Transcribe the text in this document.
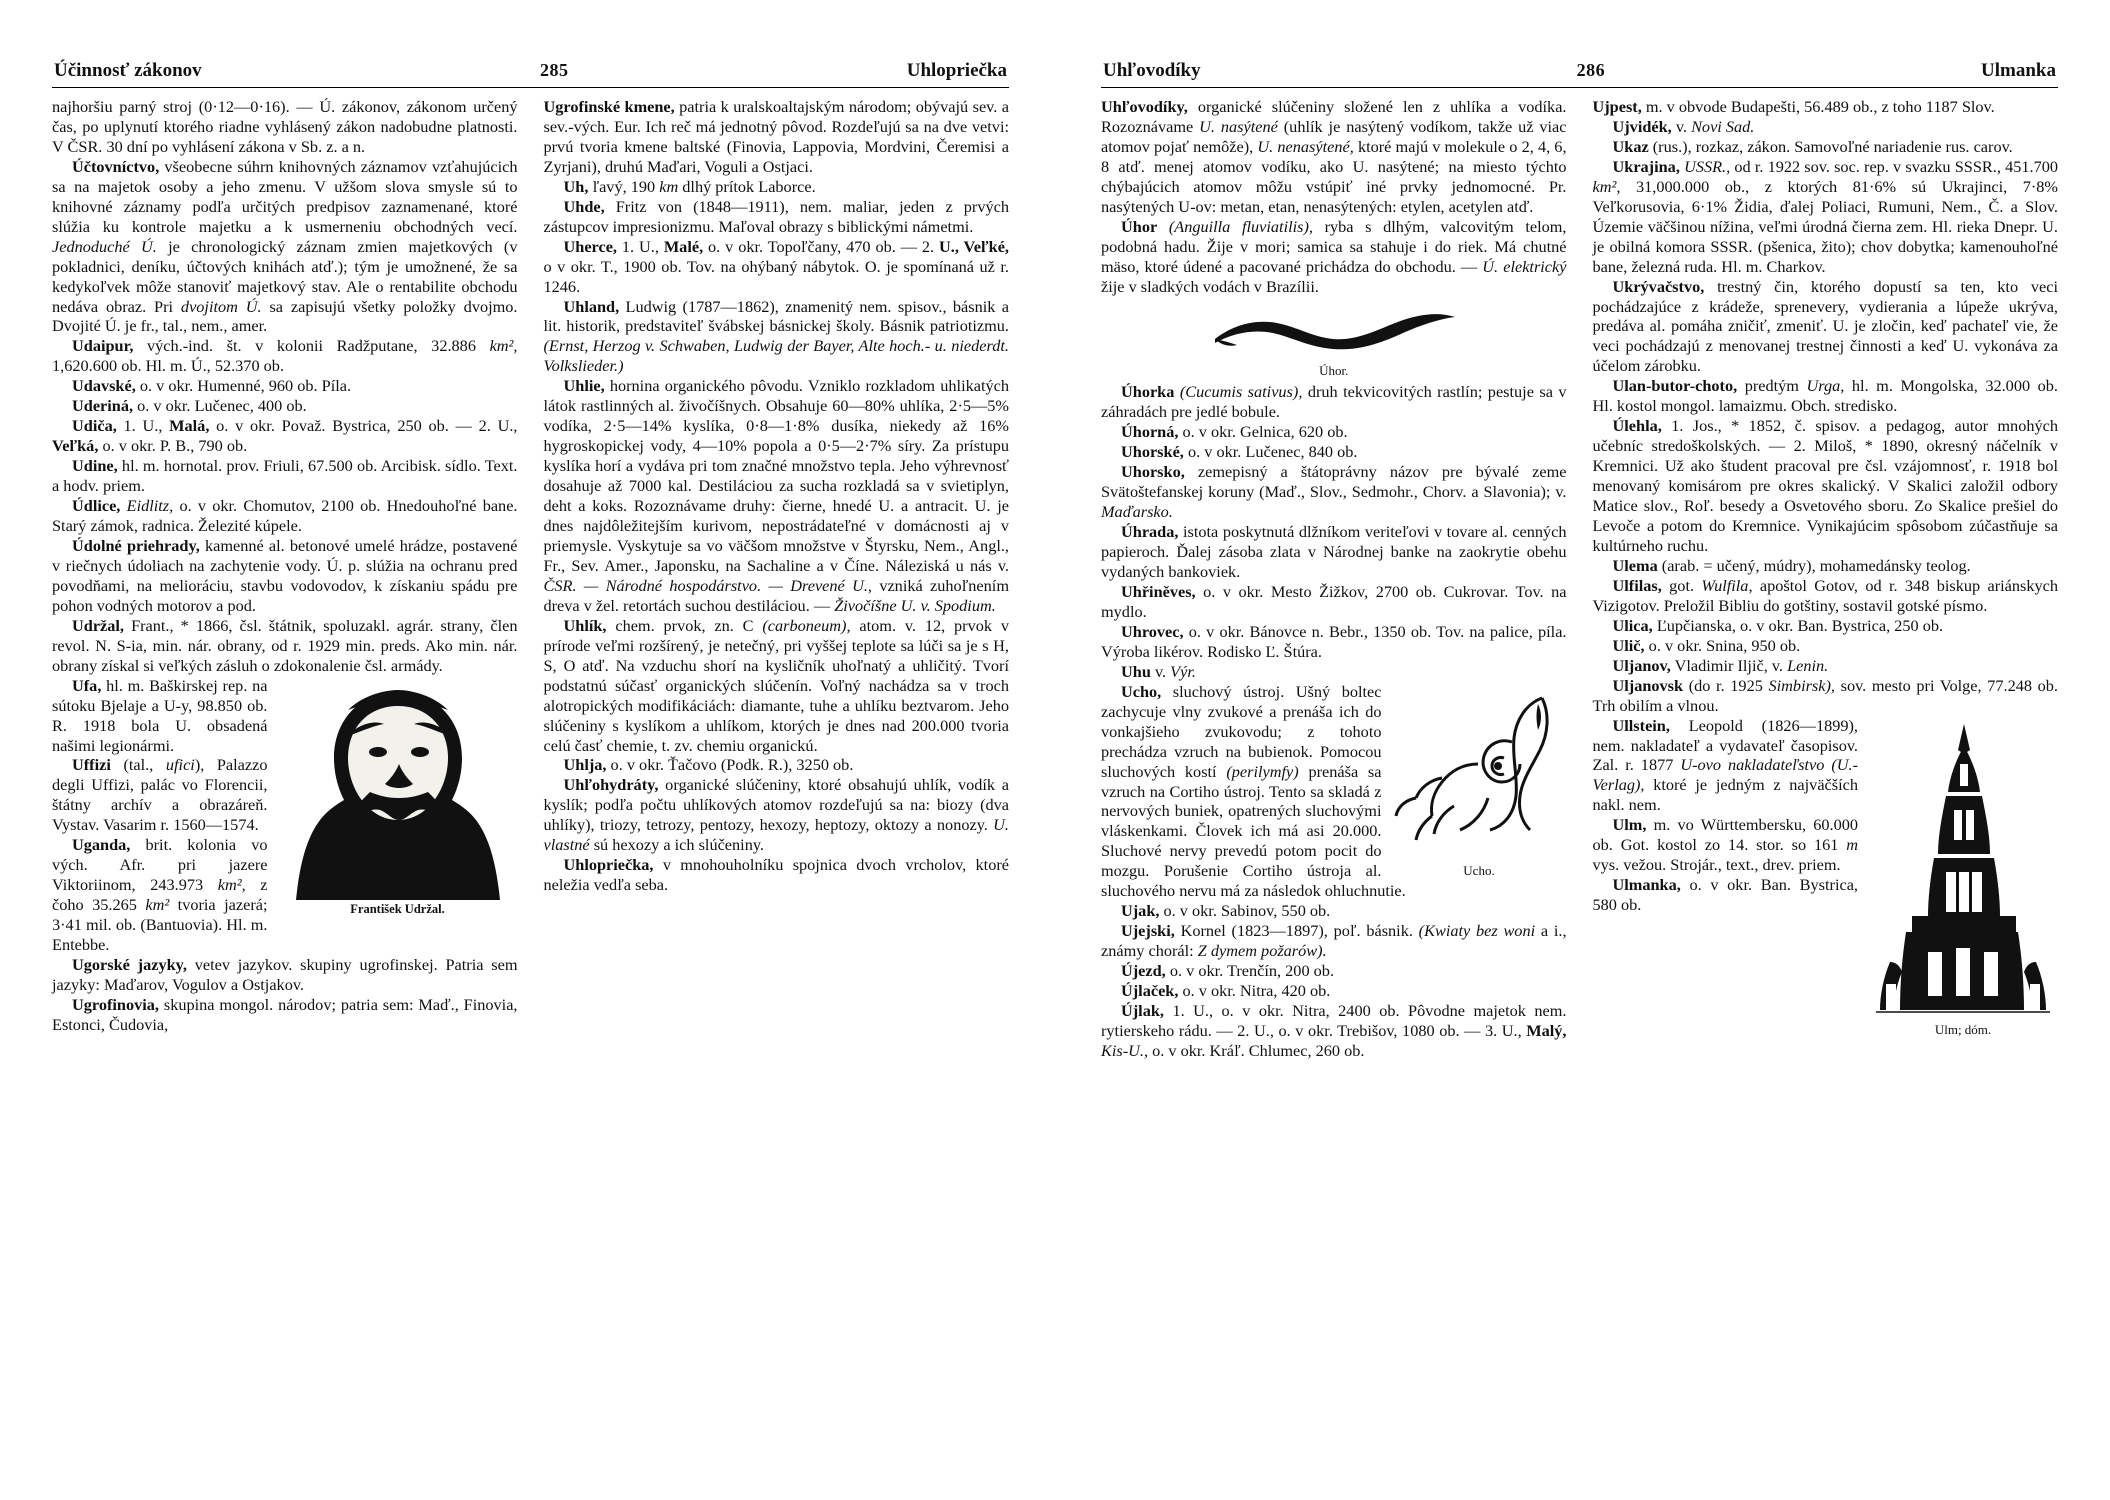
Účinnosť zákonov	285	Uhlopriečka

najhoršiu parný stroj (0·12—0·16). — Ú. zákonov, zákonom určený čas, po uplynutí ktorého riadne vyhlásený zákon nadobudne platnosti. V ČSR. 30 dní po vyhlásení zákona v Sb. z. a n.

Účtovníctvo, všeobecne súhrn knihovných záznamov vzťahujúcich sa na majetok osoby a jeho zmenu. V užšom slova smysle sú to knihovné záznamy podľa určitých predpisov zaznamenané, ktoré slúžia ku kontrole majetku a k usmerneniu obchodných vecí. Jednoduché Ú. je chronologický záznam zmien majetkových (v pokladnici, deníku, účtových knihách atď.); tým je umožnené, že sa kedykoľvek môže stanoviť majetkový stav. Ale o rentabilite obchodu nedáva obraz. Pri dvojitom Ú. sa zapisujú všetky položky dvojmo. Dvojité Ú. je fr., tal., nem., amer.

Udaipur, vých.-ind. št. v kolonii Radžputane, 32.886 km², 1,620.600 ob. Hl. m. Ú., 52.370 ob.

Udavské, o. v okr. Humenné, 960 ob. Píla.

Uderiná, o. v okr. Lučenec, 400 ob.

Udiča, 1. U., Malá, o. v okr. Považ. Bystrica, 250 ob. — 2. U., Veľká, o. v okr. P. B., 790 ob.

Udine, hl. m. hornotal. prov. Friuli, 67.500 ob. Arcibisk. sídlo. Text. a hodv. priem.

Údlice, Eidlitz, o. v okr. Chomutov, 2100 ob. Hnedouhoľné bane. Starý zámok, radnica. Železité kúpele.

Údolné priehrady, kamenné al. betonové umelé hrádze, postavené v riečnych údoliach na zachytenie vody. Ú. p. slúžia na ochranu pred povodňami, na melioráciu, stavbu vodovodov, k získaniu spádu pre pohon vodných motorov a pod.

Udržal, Frant., * 1866, čsl. štátnik, spoluzakl. agrár. strany, člen revol. N. S-ia, min. nár. obrany, od r. 1929 min. preds. Ako min. nár. obrany získal si veľkých zásluh o zdokonalenie čsl. armády.

František Udržal.

Ufa, hl. m. Baškirskej rep. na sútoku Bjelaje a U-y, 98.850 ob. R. 1918 bola U. obsadená našimi legionármi.

Uffizi (tal., ufici), Palazzo degli Uffizi, palác vo Florencii, štátny archív a obrazáreň. Vystav. Vasarim r. 1560—1574.

Uganda, brit. kolonia vo vých. Afr. pri jazere Viktoriinom, 243.973 km², z čoho 35.265 km² tvoria jazerá; 3·41 mil. ob. (Bantuovia). Hl. m. Entebbe.

Ugorské jazyky, vetev jazykov. skupiny ugrofinskej. Patria sem jazyky: Maďarov, Vogulov a Ostjakov.

Ugrofinovia, skupina mongol. národov; patria sem: Maď., Finovia, Estonci, Čudovia,

Ugrofinské kmene, patria k uralskoaltajským národom; obývajú sev. a sev.-vých. Eur. Ich reč má jednotný pôvod. Rozdeľujú sa na dve vetvi: prvú tvoria kmene baltské (Finovia, Lappovia, Mordvini, Čeremisi a Zyrjani), druhú Maďari, Voguli a Ostjaci.

Uh, ľavý, 190 km dlhý prítok Laborce.

Uhde, Fritz von (1848—1911), nem. maliar, jeden z prvých zástupcov impresionizmu. Maľoval obrazy s biblickými námetmi.

Uherce, 1. U., Malé, o. v okr. Topoľčany, 470 ob. — 2. U., Veľké, o v okr. T., 1900 ob. Tov. na ohýbaný nábytok. O. je spomínaná už r. 1246.

Uhland, Ludwig (1787—1862), znamenitý nem. spisov., básnik a lit. historik, predstaviteľ švábskej básnickej školy. Básnik patriotizmu. (Ernst, Herzog v. Schwaben, Ludwig der Bayer, Alte hoch.- u. niederdt. Volkslieder.)

Uhlie, hornina organického pôvodu. Vzniklo rozkladom uhlikatých látok rastlinných al. živočíšnych. Obsahuje 60—80% uhlíka, 2·5—5% vodíka, 2·5—14% kyslíka, 0·8—1·8% dusíka, niekedy až 16% hygroskopickej vody, 4—10% popola a 0·5—2·7% síry. Za prístupu kyslíka horí a vydáva pri tom značné množstvo tepla. Jeho výhrevnosť dosahuje až 7000 kal. Destiláciou za sucha rozkladá sa v svietiplyn, deht a koks. Rozoznávame druhy: čierne, hnedé U. a antracit. U. je dnes najdôležitejším kurivom, nepostrádateľné v domácnosti aj v priemysle. Vyskytuje sa vo väčšom množstve v Štyrsku, Nem., Angl., Fr., Sev. Amer., Japonsku, na Sachaline a v Číne. Náleziská u nás v. ČSR. — Národné hospodárstvo. — Drevené U., vzniká zuhoľnením dreva v žel. retortách suchou destiláciou. — Živočíšne U. v. Spodium.

Uhlík, chem. prvok, zn. C (carboneum), atom. v. 12, prvok v prírode veľmi rozšírený, je netečný, pri vyššej teplote sa lúči sa je s H, S, O atď. Na vzduchu shorí na kysličník uhoľnatý a uhličitý. Tvorí podstatnú súčasť organických slúčenín. Voľný nachádza sa v troch alotropických modifikáciách: diamante, tuhe a uhlíku beztvarom. Jeho slúčeniny s kyslíkom a uhlíkom, ktorých je dnes nad 200.000 tvoria celú časť chemie, t. zv. chemiu organickú.

Uhlja, o. v okr. Ťačovo (Podk. R.), 3250 ob.

Uhľohydráty, organické slúčeniny, ktoré obsahujú uhlík, vodík a kyslík; podľa počtu uhlíkových atomov rozdeľujú sa na: biozy (dva uhlíky), triozy, tetrozy, pentozy, hexozy, heptozy, oktozy a nonozy. U. vlastné sú hexozy a ich slúčeniny.

Uhlopriečka, v mnohouholníku spojnica dvoch vrcholov, ktoré neležia vedľa seba.

Uhľovodíky	286	Ulmanka

Uhľovodíky, organické slúčeniny složené len z uhlíka a vodíka. Rozoznávame U. nasýtené (uhlík je nasýtený vodíkom, takže už viac atomov pojať nemôže), U. nenasýtené, ktoré majú v molekule o 2, 4, 6, 8 atď. menej atomov vodíku, ako U. nasýtené; na miesto týchto chýbajúcich atomov môžu vstúpiť iné prvky jednomocné. Pr. nasýtených U-ov: metan, etan, nenasýtených: etylen, acetylen atď.

Úhor (Anguilla fluviatilis), ryba s dlhým, valcovitým telom, podobná hadu. Žije v mori; samica sa stahuje i do riek. Má chutné mäso, ktoré údené a pacované prichádza do obchodu. — Ú. elektrický žije v sladkých vodách v Brazílii.

Úhor.

Úhorka (Cucumis sativus), druh tekvicovitých rastlín; pestuje sa v záhradách pre jedlé bobule.

Úhorná, o. v okr. Gelnica, 620 ob.

Uhorské, o. v okr. Lučenec, 840 ob.

Uhorsko, zemepisný a štátoprávny názov pre bývalé zeme Svätoštefanskej koruny (Maď., Slov., Sedmohr., Chorv. a Slavonia); v. Maďarsko.

Úhrada, istota poskytnutá dlžníkom veriteľovi v tovare al. cenných papieroch. Ďalej zásoba zlata v Národnej banke na zaokrytie obehu vydaných bankoviek.

Uhřiněves, o. v okr. Mesto Žižkov, 2700 ob. Cukrovar. Tov. na mydlo.

Uhrovec, o. v okr. Bánovce n. Bebr., 1350 ob. Tov. na palice, píla. Výroba likérov. Rodisko Ľ. Štúra.

Uhu v. Výr.

Ucho.

Ucho, sluchový ústroj. Ušný boltec zachycuje vlny zvukové a prenáša ich do vonkajšieho zvukovodu; z tohoto prechádza vzruch na bubienok. Pomocou sluchových kostí (perilymfy) prenáša sa vzruch na Cortiho ústroj. Tento sa skladá z nervových buniek, opatrených sluchovými vláskenkami. Človek ich má asi 20.000. Sluchové nervy prevedú potom pocit do mozgu. Porušenie Cortiho ústroja al. sluchového nervu má za následok ohluchnutie.

Ujak, o. v okr. Sabinov, 550 ob.

Ujejski, Kornel (1823—1897), poľ. básnik. (Kwiaty bez woni a i., známy chorál: Z dymem požarów).

Újezd, o. v okr. Trenčín, 200 ob.

Újlaček, o. v okr. Nitra, 420 ob.

Újlak, 1. U., o. v okr. Nitra, 2400 ob. Pôvodne majetok nem. rytierskeho rádu. — 2. U., o. v okr. Trebišov, 1080 ob. — 3. U., Malý, Kis-U., o. v okr. Kráľ. Chlumec, 260 ob.

Ujpest, m. v obvode Budapešti, 56.489 ob., z toho 1187 Slov.

Ujvidék, v. Novi Sad.

Ukaz (rus.), rozkaz, zákon. Samovoľné nariadenie rus. carov.

Ukrajina, USSR., od r. 1922 sov. soc. rep. v svazku SSSR., 451.700 km², 31,000.000 ob., z ktorých 81·6% sú Ukrajinci, 7·8% Veľkorusovia, 6·1% Židia, ďalej Poliaci, Rumuni, Nem., Č. a Slov. Územie väčšinou nížina, veľmi úrodná čierna zem. Hl. rieka Dnepr. U. je obilná komora SSSR. (pšenica, žito); chov dobytka; kamenouhoľné bane, železná ruda. Hl. m. Charkov.

Ukrývačstvo, trestný čin, ktorého dopustí sa ten, kto veci pochádzajúce z krádeže, sprenevery, vydierania a lúpeže ukrýva, predáva al. pomáha zničiť, zmeniť. U. je zločin, keď pachateľ vie, že veci pochádzajú z menovanej trestnej činnosti a keď U. vykonáva za účelom zárobku.

Ulan-butor-choto, predtým Urga, hl. m. Mongolska, 32.000 ob. Hl. kostol mongol. lamaizmu. Obch. stredisko.

Úlehla, 1. Jos., * 1852, č. spisov. a pedagog, autor mnohých učebníc stredoškolských. — 2. Miloš, * 1890, okresný náčelník v Kremnici. Už ako študent pracoval pre čsl. vzájomnosť, r. 1918 bol menovaný komisárom pre okres skalický. V Skalici založil odbory Matice slov., Roľ. besedy a Osvetového sboru. Zo Skalice prešiel do Levoče a potom do Kremnice. Vynikajúcim spôsobom zúčastňuje sa kultúrneho ruchu.

Ulema (arab. = učený, múdry), mohamedánsky teolog.

Ulfilas, got. Wulfila, apoštol Gotov, od r. 348 biskup ariánskych Vizigotov. Preložil Bibliu do gotštiny, sostavil gotské písmo.

Ulica, Ľupčianska, o. v okr. Ban. Bystrica, 250 ob.

Ulič, o. v okr. Snina, 950 ob.

Uljanov, Vladimir Iljič, v. Lenin.

Uljanovsk (do r. 1925 Simbirsk), sov. mesto pri Volge, 77.248 ob. Trh obilím a vlnou.

Ulm; dóm.

Ullstein, Leopold (1826—1899), nem. nakladateľ a vydavateľ časopisov. Zal. r. 1877 U-ovo nakladateľstvo (U.-Verlag), ktoré je jedným z najväčších nakl. nem.

Ulm, m. vo Württembersku, 60.000 ob. Got. kostol zo 14. stor. so 161 m vys. vežou. Strojár., text., drev. priem.

Ulmanka, o. v okr. Ban. Bystrica, 580 ob.
